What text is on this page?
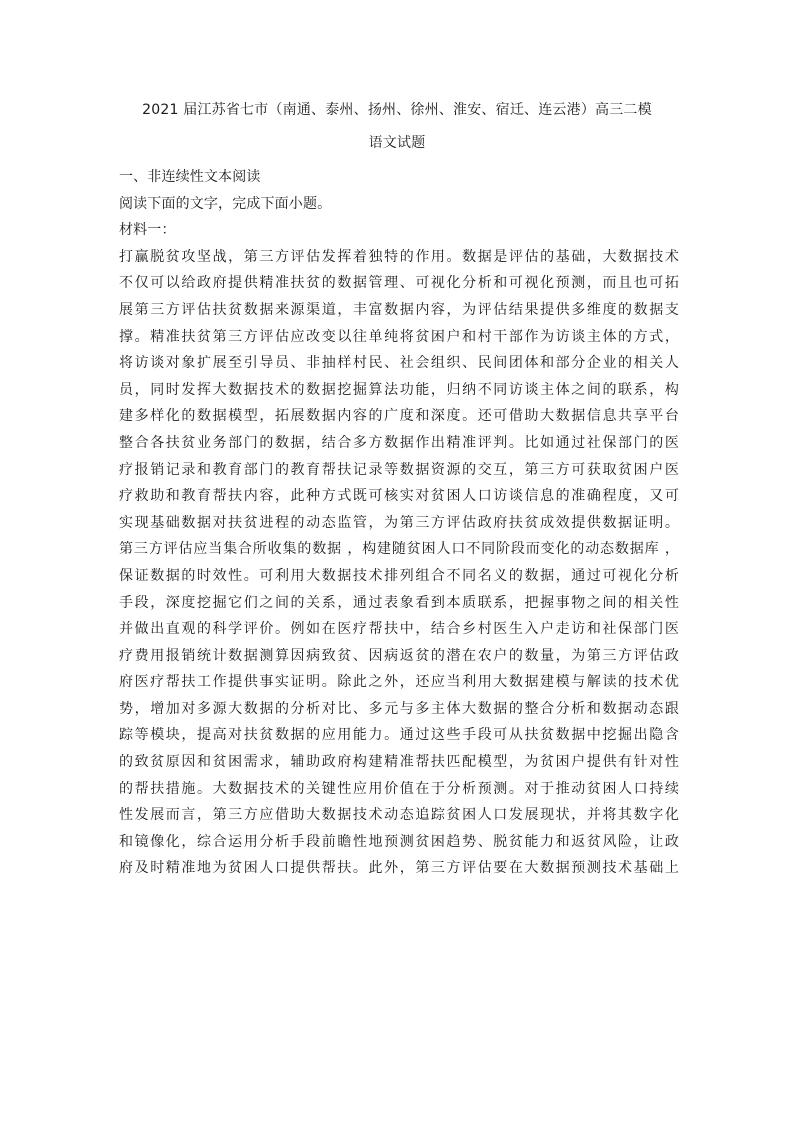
2021 届江苏省七市（南通、泰州、扬州、徐州、淮安、宿迁、连云港）高三二模
语文试题
一、非连续性文本阅读
阅读下面的文字，完成下面小题。
材料一：
打赢脱贫攻坚战，第三方评估发挥着独特的作用。数据是评估的基础，大数据技术
不仅可以给政府提供精准扶贫的数据管理、可视化分析和可视化预测，而且也可拓
展第三方评估扶贫数据来源渠道，丰富数据内容，为评估结果提供多维度的数据支
撑。精准扶贫第三方评估应改变以往单纯将贫困户和村干部作为访谈主体的方式，
将访谈对象扩展至引导员、非抽样村民、社会组织、民间团体和部分企业的相关人
员，同时发挥大数据技术的数据挖掘算法功能，归纳不同访谈主体之间的联系，构
建多样化的数据模型，拓展数据内容的广度和深度。还可借助大数据信息共享平台
整合各扶贫业务部门的数据，结合多方数据作出精准评判。比如通过社保部门的医
疗报销记录和教育部门的教育帮扶记录等数据资源的交互，第三方可获取贫困户医
疗救助和教育帮扶内容，此种方式既可核实对贫困人口访谈信息的准确程度，又可
实现基础数据对扶贫进程的动态监管，为第三方评估政府扶贫成效提供数据证明。
第三方评估应当集合所收集的数据 ，构建随贫困人口不同阶段而变化的动态数据库 ，
保证数据的时效性。可利用大数据技术排列组合不同名义的数据，通过可视化分析
手段，深度挖掘它们之间的关系，通过表象看到本质联系，把握事物之间的相关性
并做出直观的科学评价。例如在医疗帮扶中，结合乡村医生入户走访和社保部门医
疗费用报销统计数据测算因病致贫、因病返贫的潜在农户的数量，为第三方评估政
府医疗帮扶工作提供事实证明。除此之外，还应当利用大数据建模与解读的技术优
势，增加对多源大数据的分析对比、多元与多主体大数据的整合分析和数据动态跟
踪等模块，提高对扶贫数据的应用能力。通过这些手段可从扶贫数据中挖掘出隐含
的致贫原因和贫困需求，辅助政府构建精准帮扶匹配模型，为贫困户提供有针对性
的帮扶措施。大数据技术的关键性应用价值在于分析预测。对于推动贫困人口持续
性发展而言，第三方应借助大数据技术动态追踪贫困人口发展现状，并将其数字化
和镜像化，综合运用分析手段前瞻性地预测贫困趋势、脱贫能力和返贫风险，让政
府及时精准地为贫困人口提供帮扶。此外，第三方评估要在大数据预测技术基础上
